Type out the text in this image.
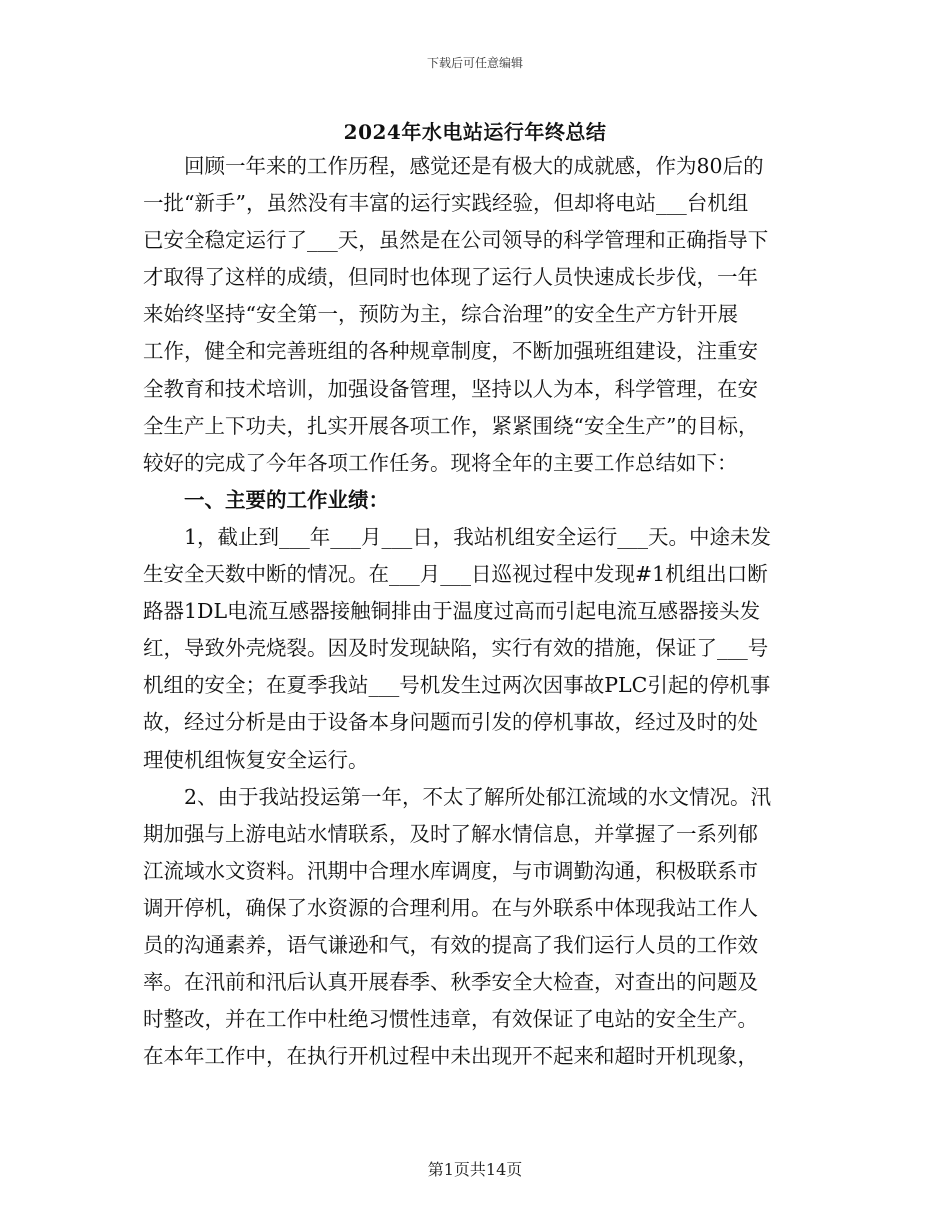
下载后可任意编辑
2024年水电站运行年终总结
　　回顾一年来的工作历程，感觉还是有极大的成就感，作为80后的
一批“新手”，虽然没有丰富的运行实践经验，但却将电站___台机组
已安全稳定运行了___天，虽然是在公司领导的科学管理和正确指导下
才取得了这样的成绩，但同时也体现了运行人员快速成长步伐，一年
来始终坚持“安全第一，预防为主，综合治理”的安全生产方针开展
工作，健全和完善班组的各种规章制度，不断加强班组建设，注重安
全教育和技术培训，加强设备管理，坚持以人为本，科学管理，在安
全生产上下功夫，扎实开展各项工作，紧紧围绕“安全生产”的目标，
较好的完成了今年各项工作任务。现将全年的主要工作总结如下：
　　一、主要的工作业绩：
　　1，截止到___年___月___日，我站机组安全运行___天。中途未发
生安全天数中断的情况。在___月___日巡视过程中发现#1机组出口断
路器1DL电流互感器接触铜排由于温度过高而引起电流互感器接头发
红，导致外壳烧裂。因及时发现缺陷，实行有效的措施，保证了___号
机组的安全；在夏季我站___号机发生过两次因事故PLC引起的停机事
故，经过分析是由于设备本身问题而引发的停机事故，经过及时的处
理使机组恢复安全运行。
　　2、由于我站投运第一年，不太了解所处郁江流域的水文情况。汛
期加强与上游电站水情联系，及时了解水情信息，并掌握了一系列郁
江流域水文资料。汛期中合理水库调度，与市调勤沟通，积极联系市
调开停机，确保了水资源的合理利用。在与外联系中体现我站工作人
员的沟通素养，语气谦逊和气，有效的提高了我们运行人员的工作效
率。在汛前和汛后认真开展春季、秋季安全大检查，对查出的问题及
时整改，并在工作中杜绝习惯性违章，有效保证了电站的安全生产。
在本年工作中，在执行开机过程中未出现开不起来和超时开机现象，
第1页共14页
